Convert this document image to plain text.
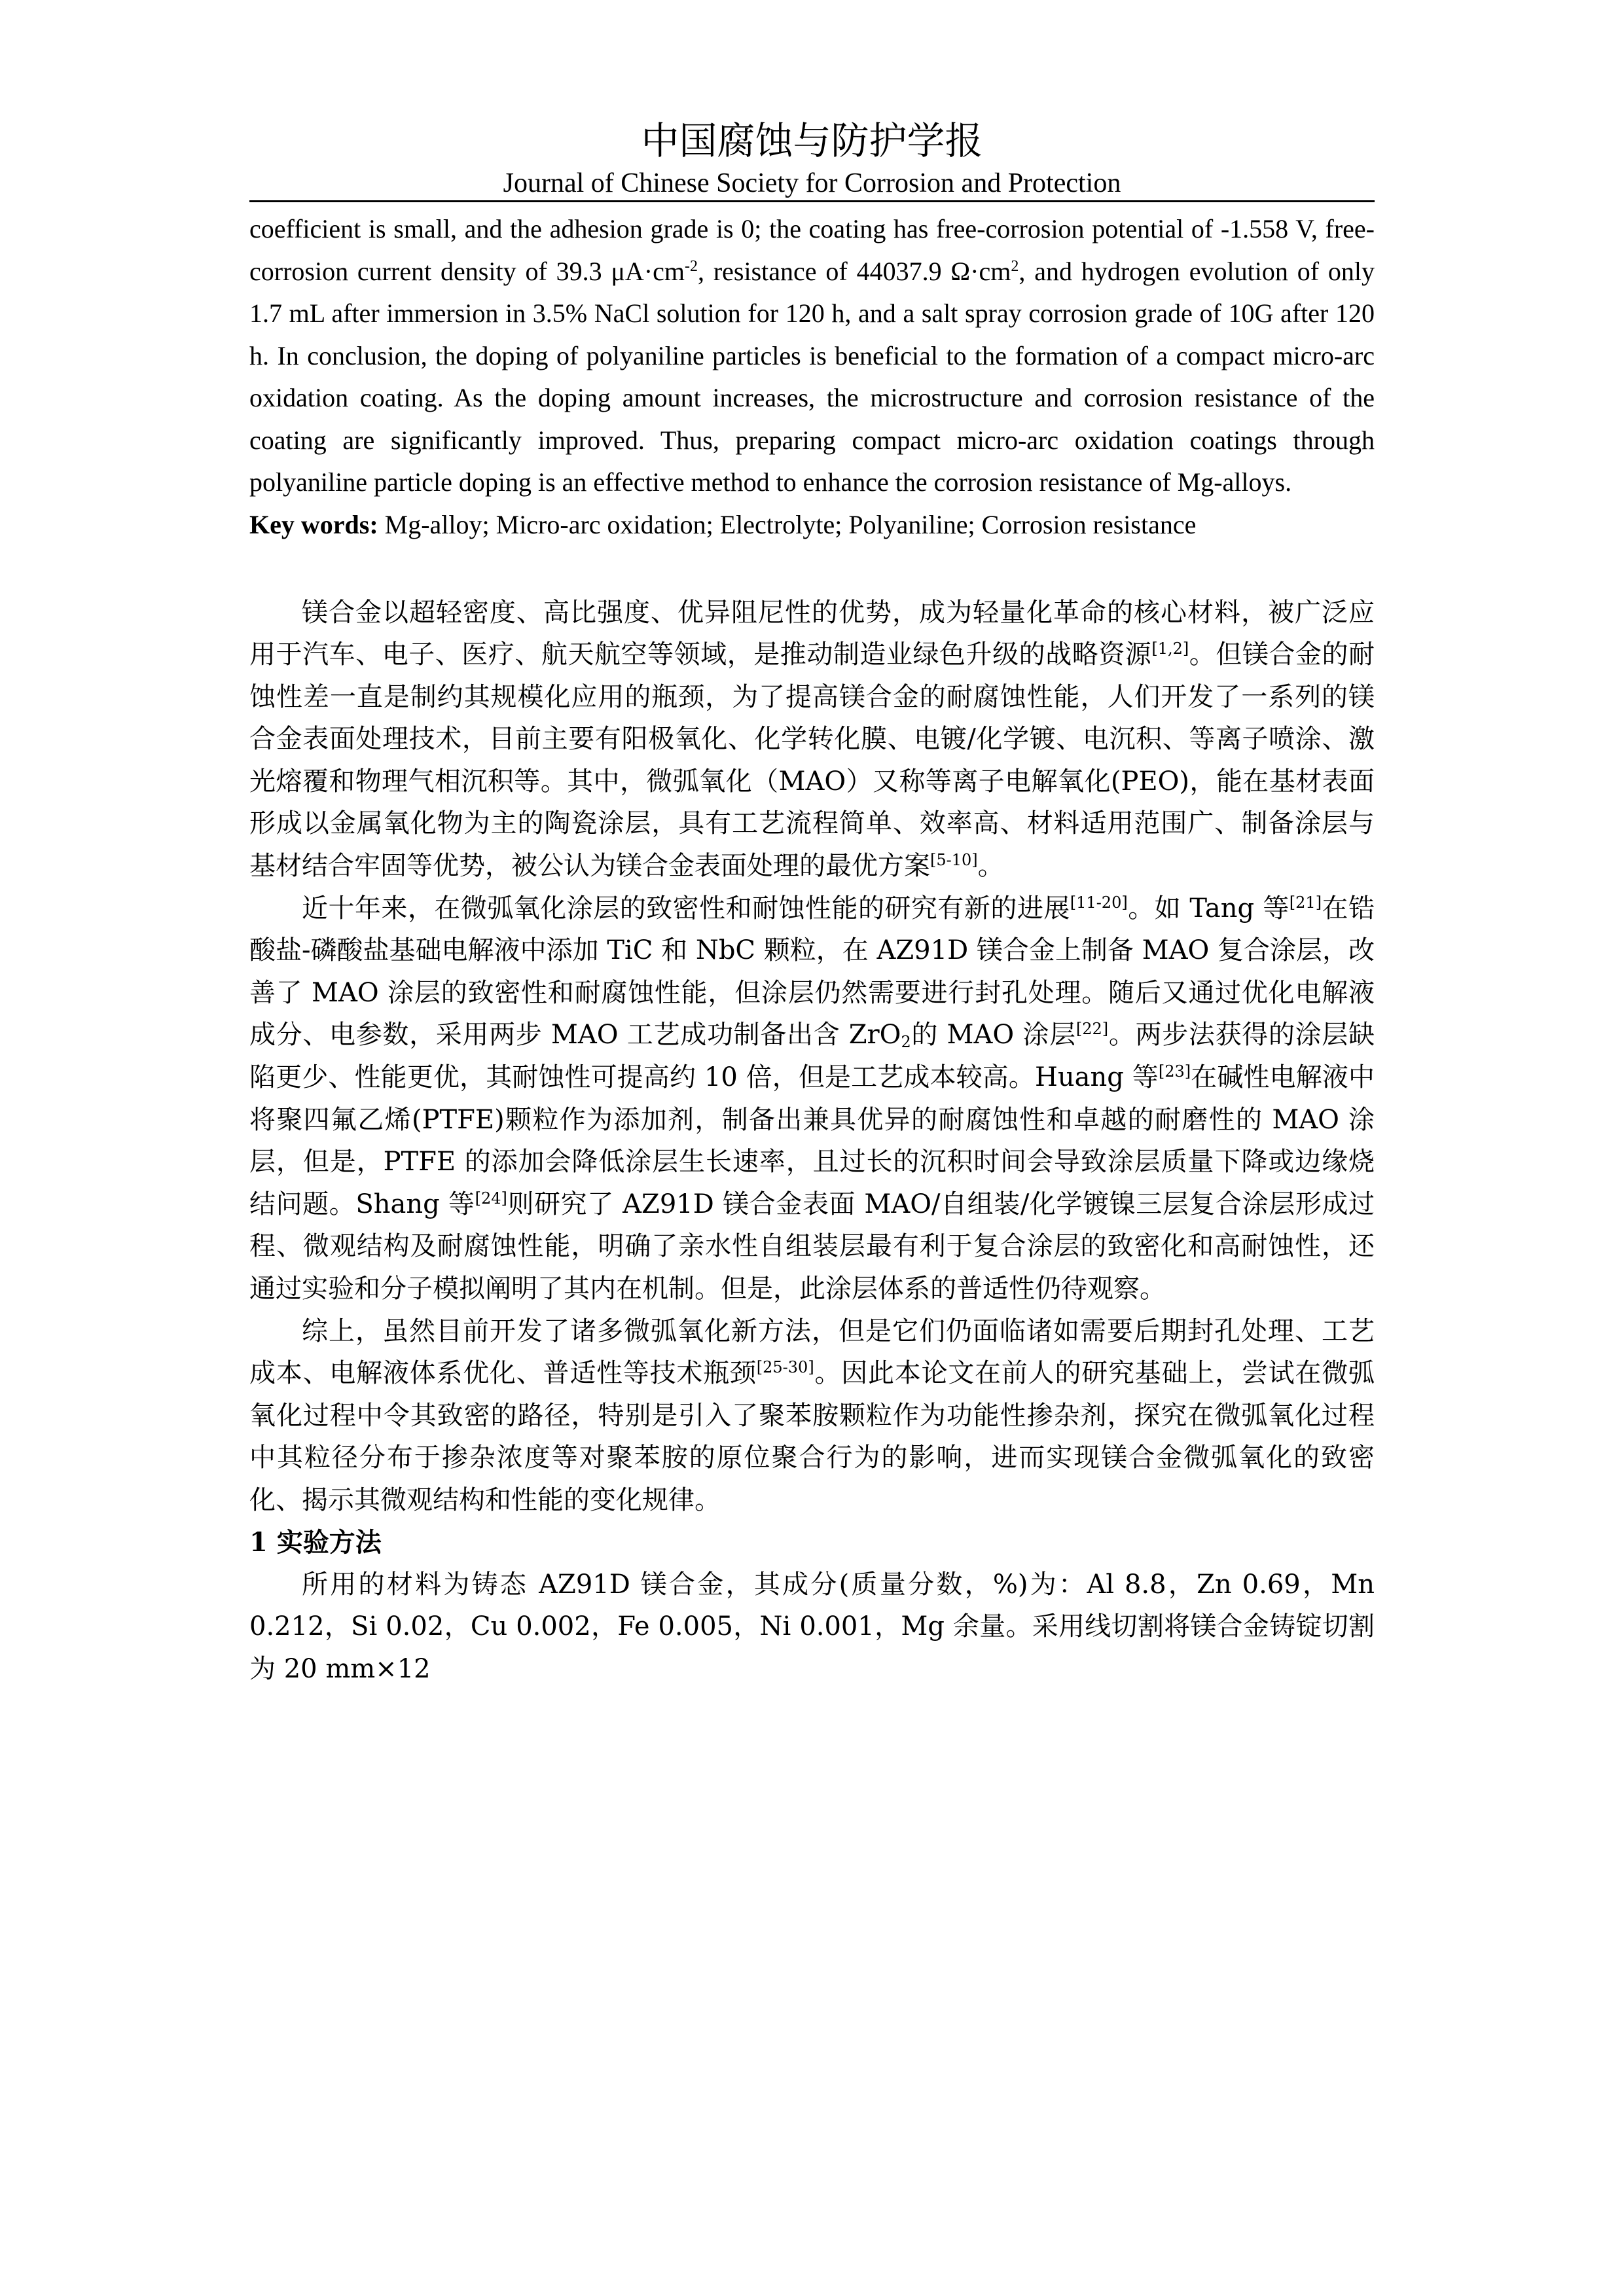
中国腐蚀与防护学报

Journal of Chinese Society for Corrosion and Protection

coefficient is small, and the adhesion grade is 0; the coating has free-corrosion potential of -1.558 V, free-corrosion current density of 39.3 $\mu A\cdot cm^{-2}$, resistance of 44037.9 $\Omega\cdot cm^2$, and hydrogen evolution of only 1.7 mL after immersion in 3.5% NaCl solution for 120 h, and a salt spray corrosion grade of 10G after 120 h. In conclusion, the doping of polyaniline particles is beneficial to the formation of a compact micro-arc oxidation coating. As the doping amount increases, the microstructure and corrosion resistance of the coating are significantly improved. Thus, preparing compact micro-arc oxidation coatings through polyaniline particle doping is an effective method to enhance the corrosion resistance of Mg-alloys.

Key words: Mg-alloy; Micro-arc oxidation; Electrolyte; Polyaniline; Corrosion resistance

镁合金以超轻密度、高比强度、优异阻尼性的优势，成为轻量化革命的核心材料，被广泛应用于汽车、电子、医疗、航天航空等领域，是推动制造业绿色升级的战略资源[1,2]。但镁合金的耐蚀性差一直是制约其规模化应用的瓶颈，为了提高镁合金的耐腐蚀性能，人们开发了一系列的镁合金表面处理技术，目前主要有阳极氧化、化学转化膜、电镀/化学镀、电沉积、等离子喷涂、激光熔覆和物理气相沉积等。其中，微弧氧化（MAO）又称等离子电解氧化(PEO)，能在基材表面形成以金属氧化物为主的陶瓷涂层，具有工艺流程简单、效率高、材料适用范围广、制备涂层与基材结合牢固等优势，被公认为镁合金表面处理的最优方案[5-10]。

近十年来，在微弧氧化涂层的致密性和耐蚀性能的研究有新的进展[11-20]。如 Tang 等[21]在锆酸盐-磷酸盐基础电解液中添加 TiC 和 NbC 颗粒，在 AZ91D 镁合金上制备 MAO 复合涂层，改善了 MAO 涂层的致密性和耐腐蚀性能，但涂层仍然需要进行封孔处理。随后又通过优化电解液成分、电参数，采用两步 MAO 工艺成功制备出含 ZrO$_2$的 MAO 涂层[22]。两步法获得的涂层缺陷更少、性能更优，其耐蚀性可提高约 10 倍，但是工艺成本较高。Huang 等[23]在碱性电解液中将聚四氟乙烯(PTFE)颗粒作为添加剂，制备出兼具优异的耐腐蚀性和卓越的耐磨性的 MAO 涂层，但是，PTFE 的添加会降低涂层生长速率，且过长的沉积时间会导致涂层质量下降或边缘烧结问题。Shang 等[24]则研究了 AZ91D 镁合金表面 MAO/自组装/化学镀镍三层复合涂层形成过程、微观结构及耐腐蚀性能，明确了亲水性自组装层最有利于复合涂层的致密化和高耐蚀性，还通过实验和分子模拟阐明了其内在机制。但是，此涂层体系的普适性仍待观察。

综上，虽然目前开发了诸多微弧氧化新方法，但是它们仍面临诸如需要后期封孔处理、工艺成本、电解液体系优化、普适性等技术瓶颈[25-30]。因此本论文在前人的研究基础上，尝试在微弧氧化过程中令其致密的路径，特别是引入了聚苯胺颗粒作为功能性掺杂剂，探究在微弧氧化过程中其粒径分布于掺杂浓度等对聚苯胺的原位聚合行为的影响，进而实现镁合金微弧氧化的致密化、揭示其微观结构和性能的变化规律。

1 实验方法

所用的材料为铸态 AZ91D 镁合金，其成分(质量分数，%)为：Al 8.8，Zn 0.69，Mn 0.212，Si 0.02，Cu 0.002，Fe 0.005，Ni 0.001，Mg 余量。采用线切割将镁合金铸锭切割为 20 mm×12
